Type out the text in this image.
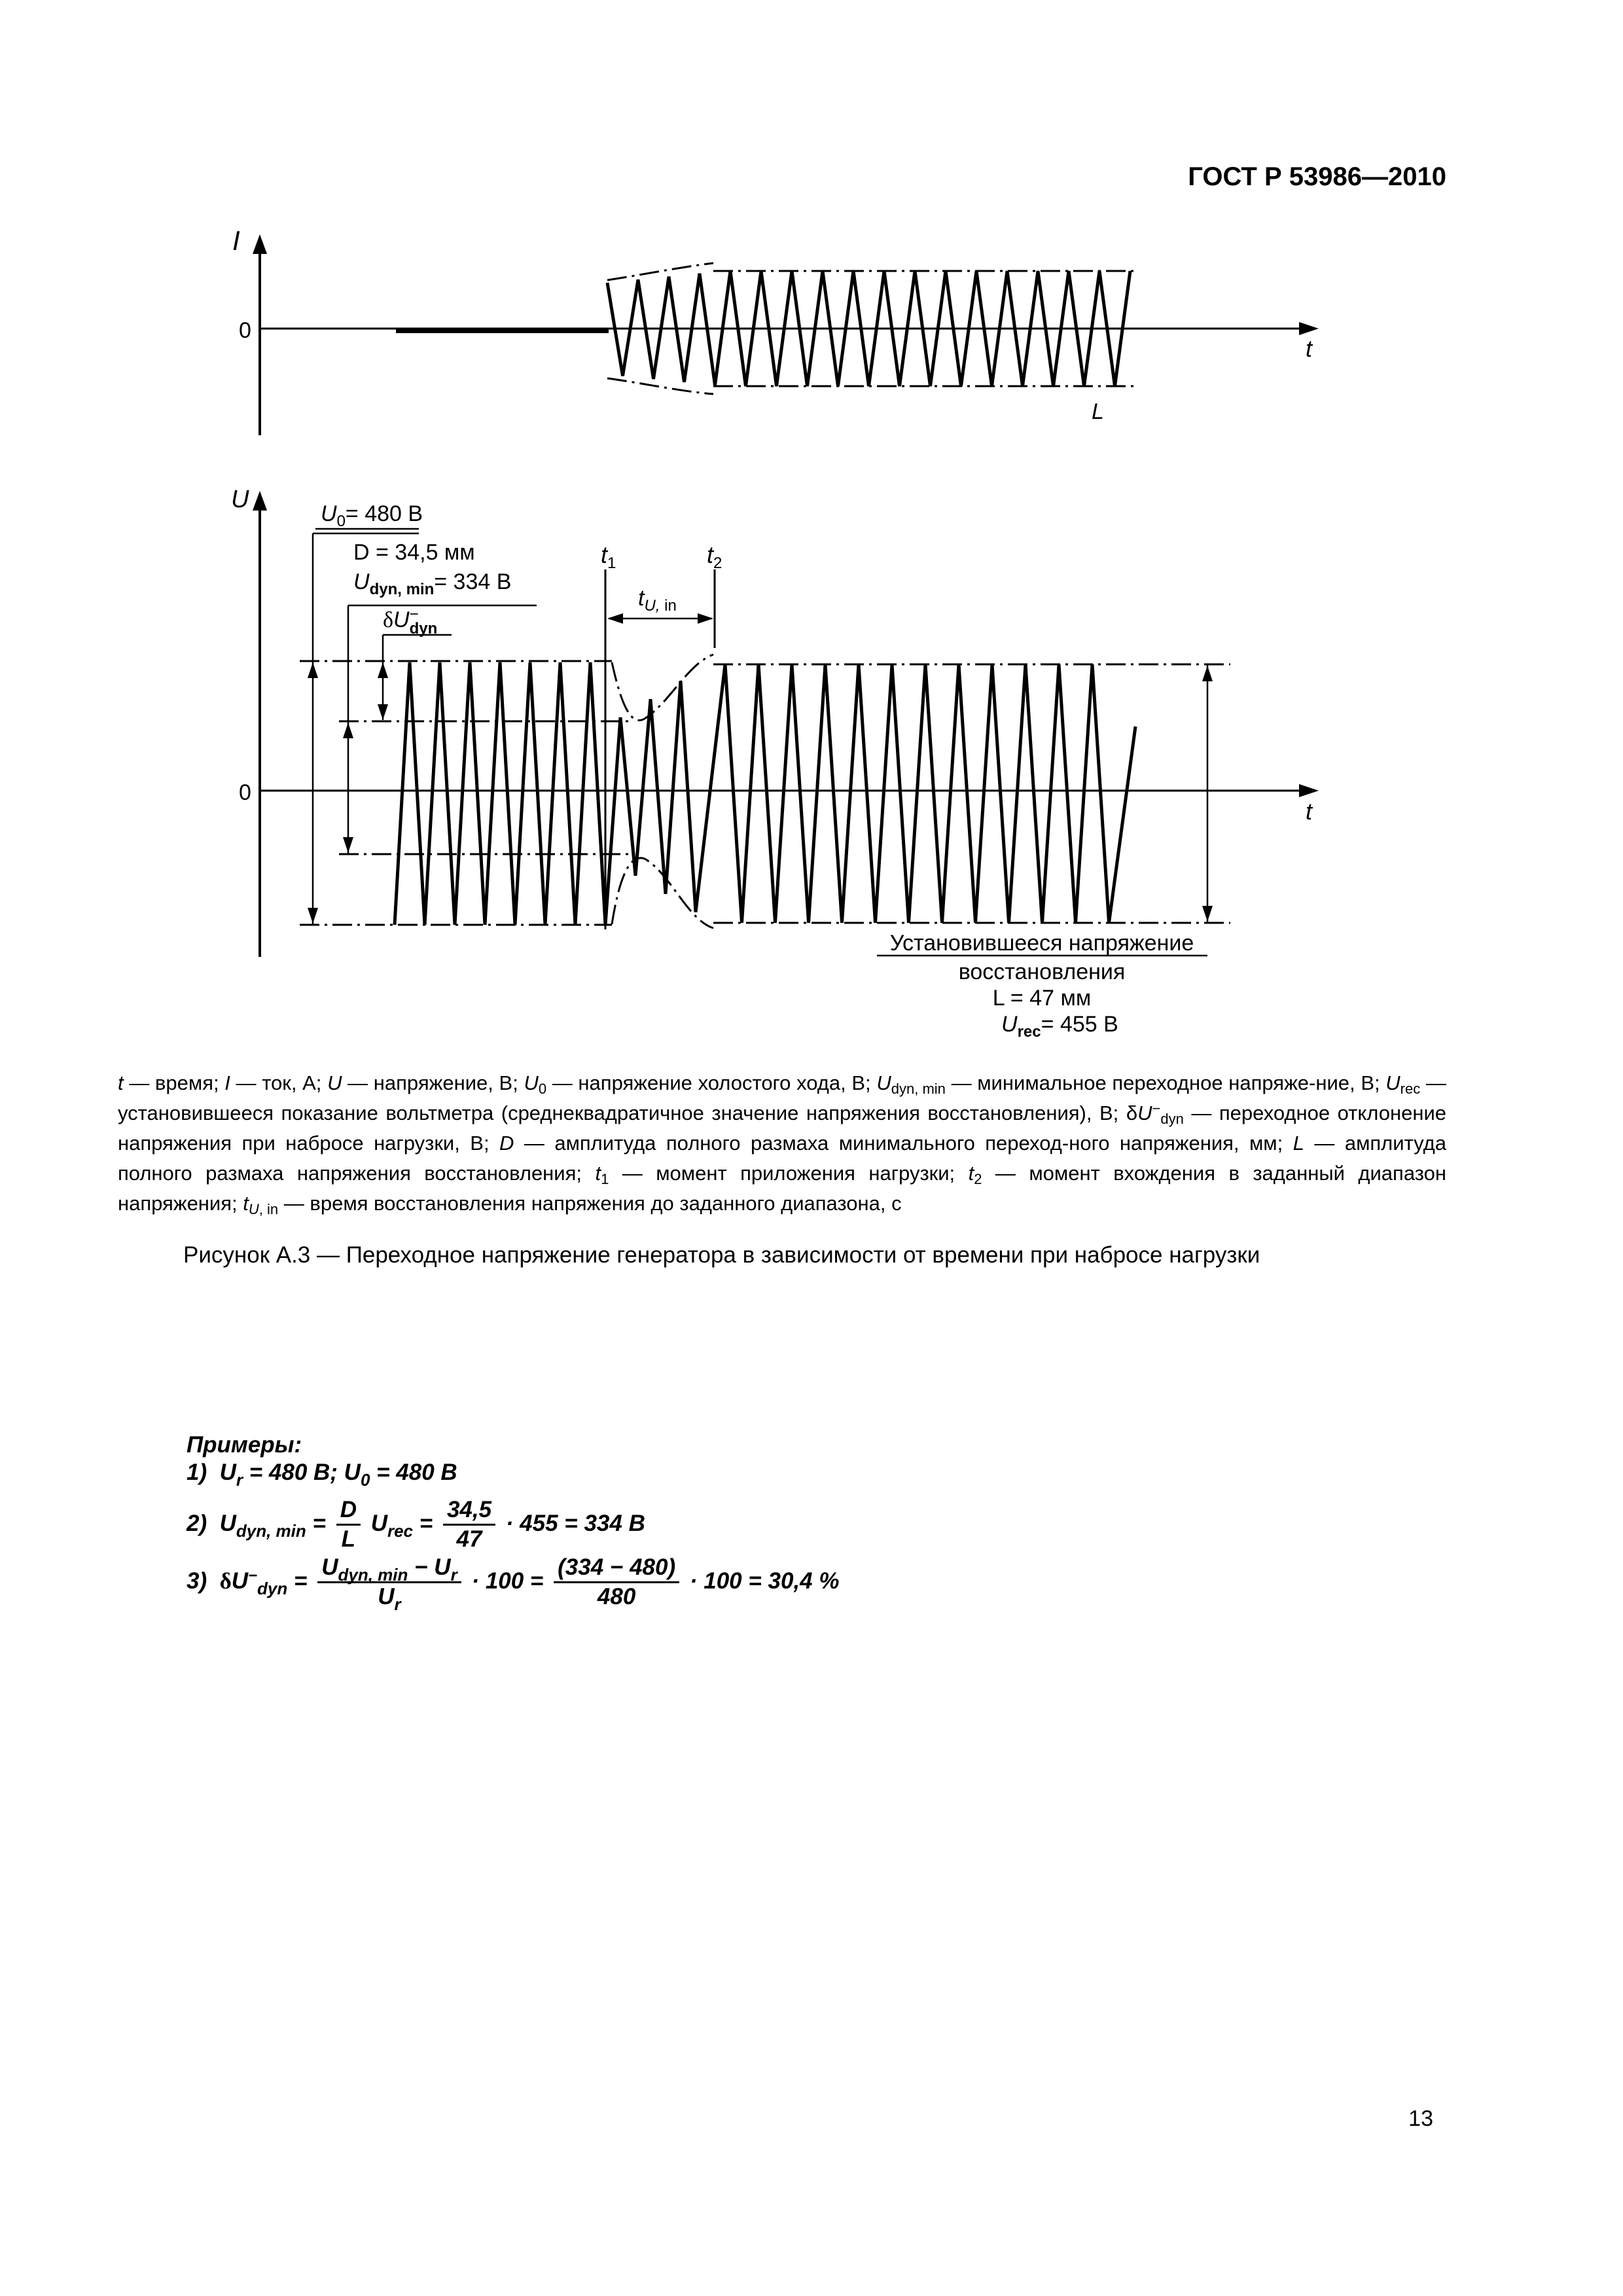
ГОСТ Р 53986—2010
I
0
t
L
U
0
t
$t_1$	$t_2$
$t_{U,}$ in
$U_0= 480$ В
D = 34,5 мм
$U_{dyn, min}= 334$ В
δU− dyn
Установившееся напряжение
восстановления
L = 47 мм
$U_{rec}= 455$ В
t — время; I — ток, А; U — напряжение, В; $U_0$ — напряжение холостого хода, В; $U_{dyn, min}$ — минимальное переходное напряже-ние, В; $U_{rec}$ — установившееся показание вольтметра (среднеквадратичное значение напряжения восстановления), В; $\delta U^-_{dyn}$ — переходное отклонение напряжения при набросе нагрузки, В; D — амплитуда полного размаха минимального переход-ного напряжения, мм; L — амплитуда полного размаха напряжения восстановления; $t_1$ — момент приложения нагрузки; $t_2$ — момент вхождения в заданный диапазон напряжения; $t_{U, in}$ — время восстановления напряжения до заданного диапазона, с
Рисунок А.3 — Переходное напряжение генератора в зависимости от времени при набросе нагрузки
Примеры:
1)  $U_r = 480$ В; $U_0 = 480$ В
2)  $U_{dyn, min} = \frac{D}{L} U_{rec} = \frac{34,5}{47} \cdot 455 = 334$ В
3) $\delta U^-_{dyn} = \frac{U_{dyn, min} - U_r}{U_r} \cdot 100 = \frac{(334 - 480)}{480} \cdot 100 = 30,4$ %
13
